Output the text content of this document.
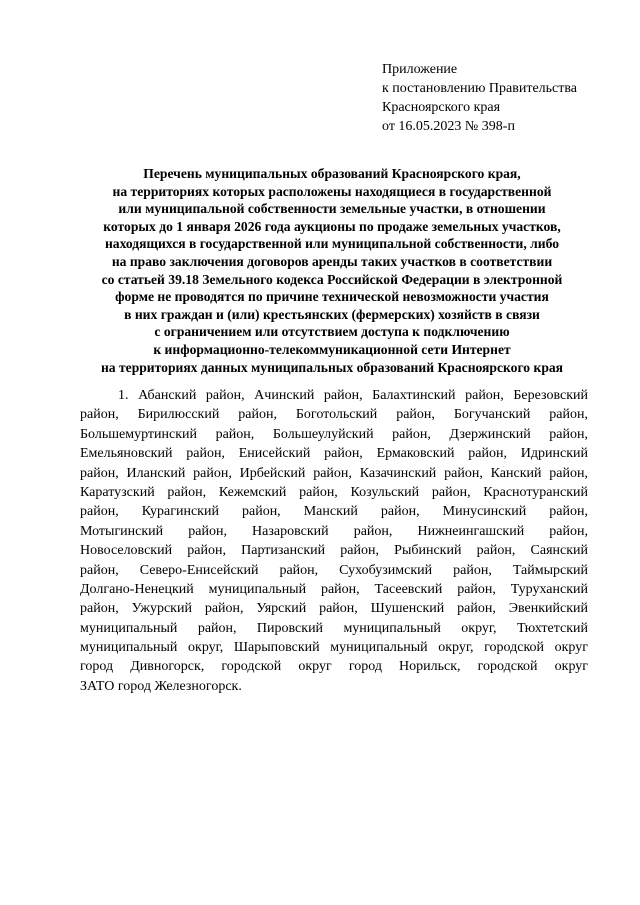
Приложение
к постановлению Правительства
Красноярского края
от 16.05.2023 № 398-п
Перечень муниципальных образований Красноярского края,
на территориях которых расположены находящиеся в государственной
или муниципальной собственности земельные участки, в отношении
которых до 1 января 2026 года аукционы по продаже земельных участков,
находящихся в государственной или муниципальной собственности, либо
на право заключения договоров аренды таких участков в соответствии
со статьей 39.18 Земельного кодекса Российской Федерации в электронной
форме не проводятся по причине технической невозможности участия
в них граждан и (или) крестьянских (фермерских) хозяйств в связи
с ограничением или отсутствием доступа к подключению
к информационно-телекоммуникационной сети Интернет
на территориях данных муниципальных образований Красноярского края
1. Абанский район, Ачинский район, Балахтинский район, Березовский
район, Бирилюсский район, Боготольский район, Богучанский район,
Большемуртинский район, Большеулуйский район, Дзержинский район,
Емельяновский район, Енисейский район, Ермаковский район, Идринский
район, Иланский район, Ирбейский район, Казачинский район, Канский район,
Каратузский район, Кежемский район, Козульский район, Краснотуранский
район, Курагинский район, Манский район, Минусинский район,
Мотыгинский район, Назаровский район, Нижнеингашский район,
Новоселовский район, Партизанский район, Рыбинский район, Саянский
район, Северо-Енисейский район, Сухобузимский район, Таймырский
Долгано-Ненецкий муниципальный район, Тасеевский район, Туруханский
район, Ужурский район, Уярский район, Шушенский район, Эвенкийский
муниципальный район, Пировский муниципальный округ, Тюхтетский
муниципальный округ, Шарыповский муниципальный округ, городской округ
город Дивногорск, городской округ город Норильск, городской округ
ЗАТО город Железногорск.
